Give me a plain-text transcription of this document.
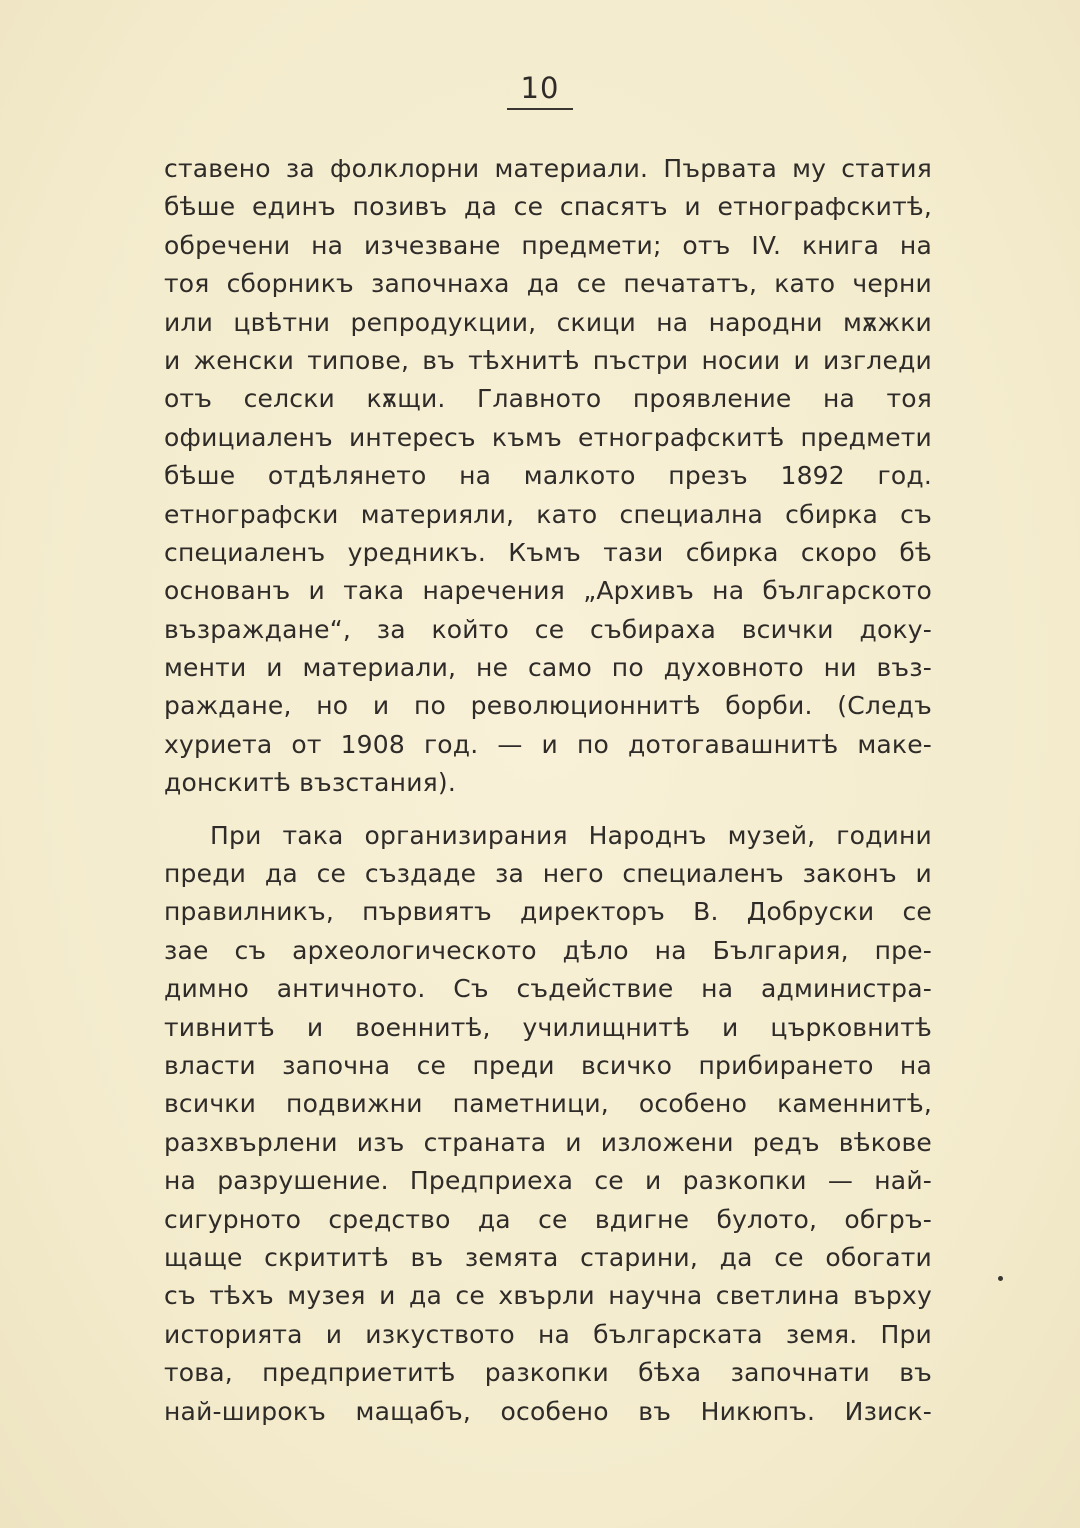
10
ставено за фолклорни материали. Първата му статия
бѣше единъ позивъ да се спасятъ и етнографскитѣ,
обречени на изчезване предмети; отъ IV. книга на
тоя сборникъ започнаха да се печататъ, като черни
или цвѣтни репродукции, скици на народни мѫжки
и женски типове, въ тѣхнитѣ пъстри носии и изгледи
отъ селски кѫщи. Главното проявление на тоя
официаленъ интересъ къмъ етнографскитѣ предмети
бѣше отдѣлянето на малкото презъ 1892 год.
етнографски материяли, като специална сбирка съ
специаленъ уредникъ. Къмъ тази сбирка скоро бѣ
основанъ и така наречения „Архивъ на българското
възраждане“, за който се събираха всички доку-
менти и материали, не само по духовното ни въз-
раждане, но и по революционнитѣ борби. (Следъ
хуриета от 1908 год. — и по дотогавашнитѣ маке-
донскитѣ възстания).
При така организирания Народнъ музей, години
преди да се създаде за него специаленъ законъ и
правилникъ, първиятъ директоръ В. Добруски се
зае съ археологическото дѣло на България, пре-
димно античното. Съ съдействие на администра-
тивнитѣ и военнитѣ, училищнитѣ и църковнитѣ
власти започна се преди всичко прибирането на
всички подвижни паметници, особено каменнитѣ,
разхвърлени изъ страната и изложени редъ вѣкове
на разрушение. Предприеха се и разкопки — най-
сигурното средство да се вдигне булото, обгръ-
щаще скрититѣ въ земята старини, да се обогати
съ тѣхъ музея и да се хвърли научна светлина върху
историята и изкуството на българската земя. При
това, предприетитѣ разкопки бѣха започнати въ
най-широкъ мащабъ, особено въ Никюпъ. Изиск-
